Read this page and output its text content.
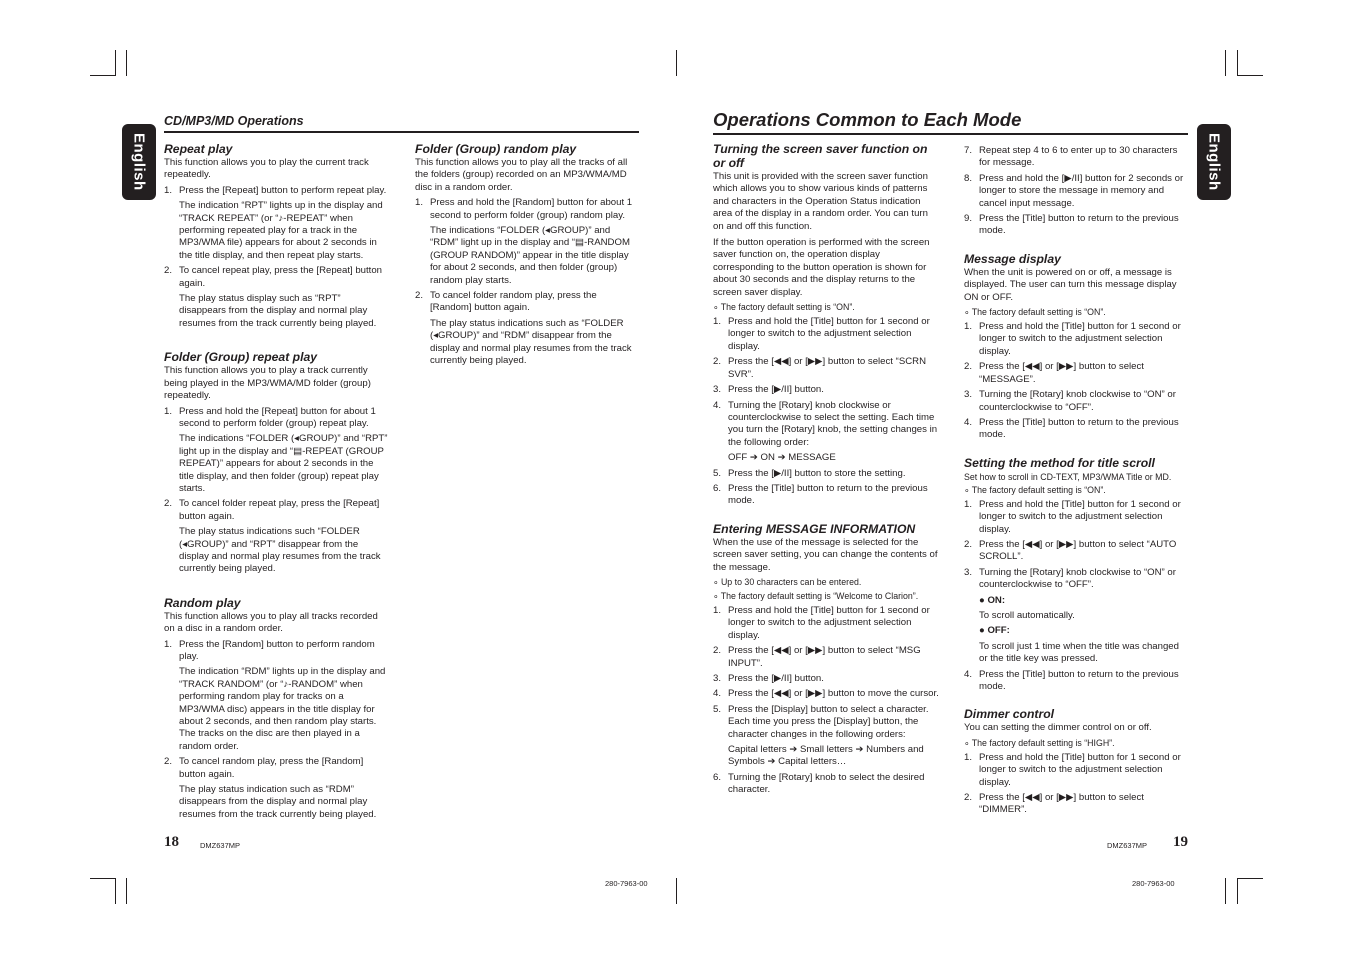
English	English
CD/MP3/MD Operations	Operations Common to Each Mode
Repeat play

This function allows you to play the current track repeatedly.

1. Press the [Repeat] button to perform repeat play.

The indication “RPT” lights up in the display and “TRACK REPEAT” (or “♪-REPEAT” when performing repeated play for a track in the MP3/WMA file) appears for about 2 seconds in the title display, and then repeat play starts.

2. To cancel repeat play, press the [Repeat] button again.

The play status display such as “RPT” disappears from the display and normal play resumes from the track currently being played.

Folder (Group) repeat play

This function allows you to play a track currently being played in the MP3/WMA/MD folder (group) repeatedly.

1. Press and hold the [Repeat] button for about 1 second to perform folder (group) repeat play.

The indications “FOLDER (◂GROUP)” and “RPT” light up in the display and “▤-REPEAT (GROUP REPEAT)” appears for about 2 seconds in the title display, and then folder (group) repeat play starts.

2. To cancel folder repeat play, press the [Repeat] button again.

The play status indications such “FOLDER (◂GROUP)” and “RPT” disappear from the display and normal play resumes from the track currently being played.

Random play

This function allows you to play all tracks recorded on a disc in a random order.

1. Press the [Random] button to perform random play.

The indication “RDM” lights up in the display and “TRACK RANDOM” (or “♪-RANDOM” when performing random play for tracks on a MP3/WMA disc) appears in the title display for about 2 seconds, and then random play starts. The tracks on the disc are then played in a random order.

2. To cancel random play, press the [Random] button again.

The play status indication such as “RDM” disappears from the display and normal play resumes from the track currently being played.

Folder (Group) random play

This function allows you to play all the tracks of all the folders (group) recorded on an MP3/WMA/MD disc in a random order.

1. Press and hold the [Random] button for about 1 second to perform folder (group) random play.

The indications “FOLDER (◂GROUP)” and “RDM” light up in the display and “▤-RANDOM (GROUP RANDOM)” appear in the title display for about 2 seconds, and then folder (group) random play starts.

2. To cancel folder random play, press the [Random] button again.

The play status indications such as “FOLDER (◂GROUP)” and “RDM” disappear from the display and normal play resumes from the track currently being played.

Turning the screen saver function on or off

This unit is provided with the screen saver function which allows you to show various kinds of patterns and characters in the Operation Status indication area of the display in a random order. You can turn on and off this function.

If the button operation is performed with the screen saver function on, the operation display corresponding to the button operation is shown for about 30 seconds and the display returns to the screen saver display.

∘ The factory default setting is “ON”.

1. Press and hold the [Title] button for 1 second or longer to switch to the adjustment selection display.
2. Press the [◀◀] or [▶▶] button to select “SCRN SVR”.
3. Press the [▶/II] button.
4. Turning the [Rotary] knob clockwise or counterclockwise to select the setting. Each time you turn the [Rotary] knob, the setting changes in the following order:

OFF ➔ ON ➔ MESSAGE

5. Press the [▶/II] button to store the setting.
6. Press the [Title] button to return to the previous mode.
Entering MESSAGE INFORMATION

When the use of the message is selected for the screen saver setting, you can change the contents of the message.

∘ Up to 30 characters can be entered.

∘ The factory default setting is “Welcome to Clarion”.

1. Press and hold the [Title] button for 1 second or longer to switch to the adjustment selection display.
2. Press the [◀◀] or [▶▶] button to select “MSG INPUT”.
3. Press the [▶/II] button.
4. Press the [◀◀] or [▶▶] button to move the cursor.
5. Press the [Display] button to select a character. Each time you press the [Display] button, the character changes in the following orders:

Capital letters ➔ Small letters ➔ Numbers and Symbols ➔ Capital letters…

6. Turning the [Rotary] knob to select the desired character.
7. Repeat step 4 to 6 to enter up to 30 characters for message.
8. Press and hold the [▶/II] button for 2 seconds or longer to store the message in memory and cancel input message.
9. Press the [Title] button to return to the previous mode.
Message display

When the unit is powered on or off, a message is displayed. The user can turn this message display ON or OFF.

∘ The factory default setting is “ON”.

1. Press and hold the [Title] button for 1 second or longer to switch to the adjustment selection display.
2. Press the [◀◀] or [▶▶] button to select “MESSAGE”.
3. Turning the [Rotary] knob clockwise to “ON” or counterclockwise to “OFF”.
4. Press the [Title] button to return to the previous mode.
Setting the method for title scroll

Set how to scroll in CD-TEXT, MP3/WMA Title or MD.

∘ The factory default setting is “ON”.

1. Press and hold the [Title] button for 1 second or longer to switch to the adjustment selection display.
2. Press the [◀◀] or [▶▶] button to select “AUTO SCROLL”.
3. Turning the [Rotary] knob clockwise to “ON” or counterclockwise to “OFF”.

● ON:

To scroll automatically.

● OFF:

To scroll just 1 time when the title was changed or the title key was pressed.

4. Press the [Title] button to return to the previous mode.
Dimmer control

You can setting the dimmer control on or off.

∘ The factory default setting is “HIGH”.

1. Press and hold the [Title] button for 1 second or longer to switch to the adjustment selection display.
2. Press the [◀◀] or [▶▶] button to select “DIMMER”.
18	DMZ637MP	19
DMZ637MP
280-7963-00	280-7963-00
